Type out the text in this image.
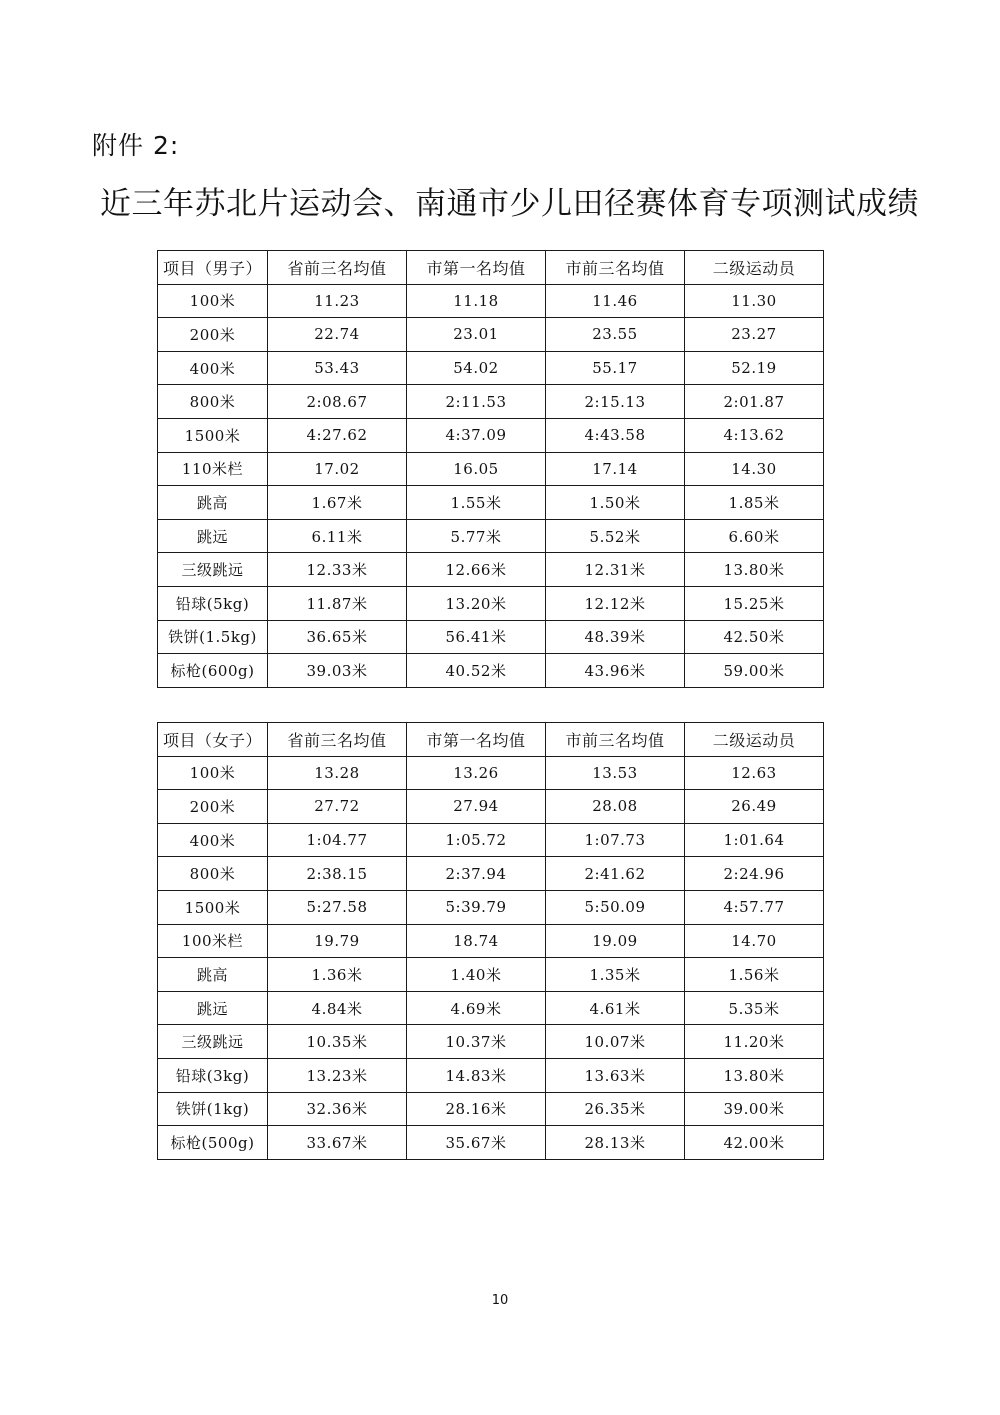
附件 2:
近三年苏北片运动会、南通市少儿田径赛体育专项测试成绩
项目（男子）	省前三名均值	市第一名均值	市前三名均值	二级运动员
100米	11.23	11.18	11.46	11.30
200米	22.74	23.01	23.55	23.27
400米	53.43	54.02	55.17	52.19
800米	2:08.67	2:11.53	2:15.13	2:01.87
1500米	4:27.62	4:37.09	4:43.58	4:13.62
110米栏	17.02	16.05	17.14	14.30
跳高	1.67米	1.55米	1.50米	1.85米
跳远	6.11米	5.77米	5.52米	6.60米
三级跳远	12.33米	12.66米	12.31米	13.80米
铅球(5kg)	11.87米	13.20米	12.12米	15.25米
铁饼(1.5kg)	36.65米	56.41米	48.39米	42.50米
标枪(600g)	39.03米	40.52米	43.96米	59.00米
项目（女子）	省前三名均值	市第一名均值	市前三名均值	二级运动员
100米	13.28	13.26	13.53	12.63
200米	27.72	27.94	28.08	26.49
400米	1:04.77	1:05.72	1:07.73	1:01.64
800米	2:38.15	2:37.94	2:41.62	2:24.96
1500米	5:27.58	5:39.79	5:50.09	4:57.77
100米栏	19.79	18.74	19.09	14.70
跳高	1.36米	1.40米	1.35米	1.56米
跳远	4.84米	4.69米	4.61米	5.35米
三级跳远	10.35米	10.37米	10.07米	11.20米
铅球(3kg)	13.23米	14.83米	13.63米	13.80米
铁饼(1kg)	32.36米	28.16米	26.35米	39.00米
标枪(500g)	33.67米	35.67米	28.13米	42.00米
10
